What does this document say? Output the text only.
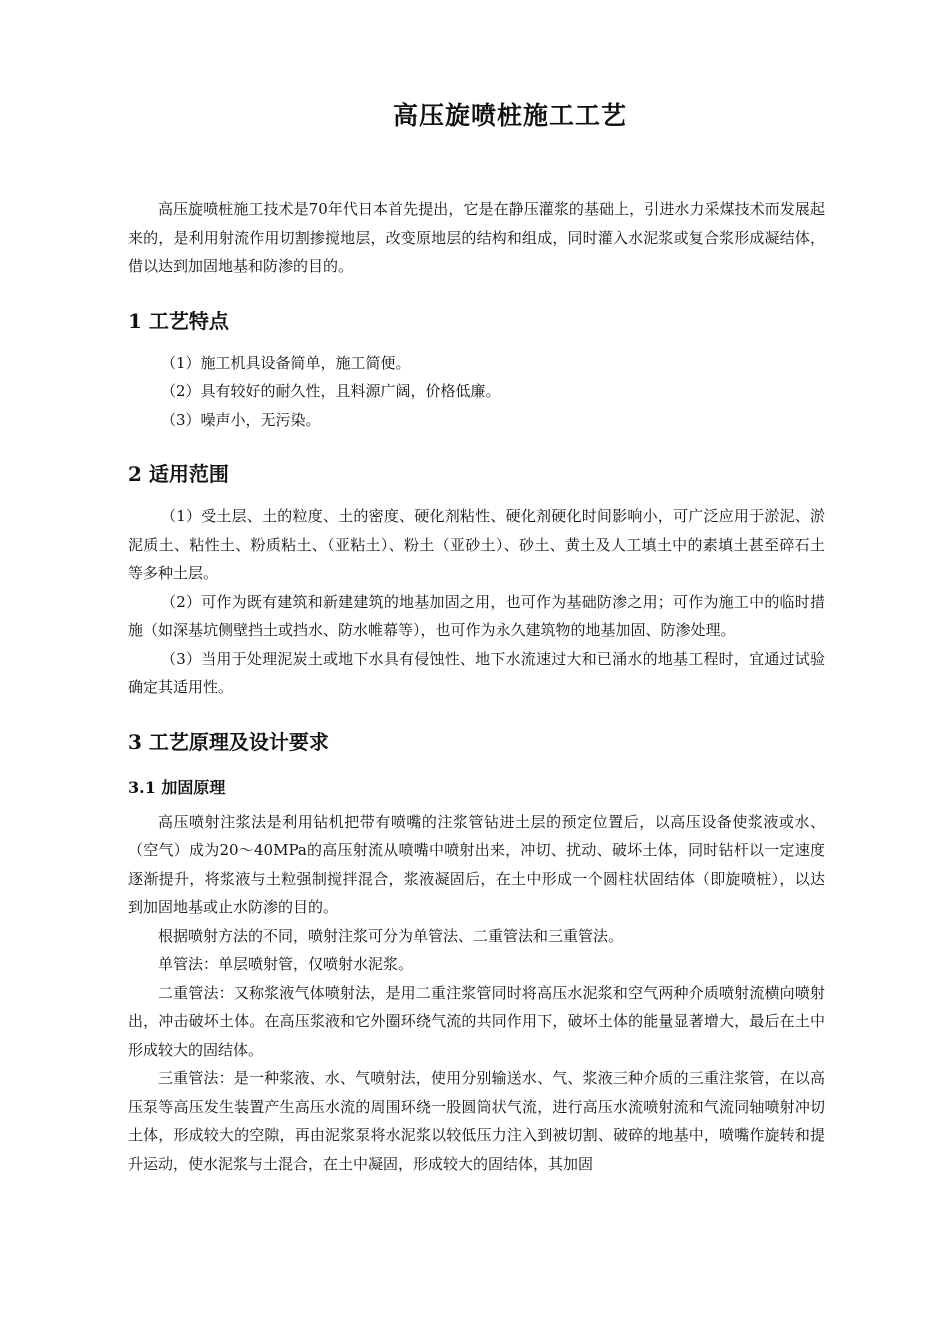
高压旋喷桩施工工艺

高压旋喷桩施工技术是70年代日本首先提出，它是在静压灌浆的基础上，引进水力采煤技术而发展起来的，是利用射流作用切割掺搅地层，改变原地层的结构和组成，同时灌入水泥浆或复合浆形成凝结体，借以达到加固地基和防渗的目的。

1 工艺特点

（1）施工机具设备简单，施工简便。

（2）具有较好的耐久性，且料源广阔，价格低廉。

（3）噪声小，无污染。

2 适用范围

（1）受土层、土的粒度、土的密度、硬化剂粘性、硬化剂硬化时间影响小，可广泛应用于淤泥、淤泥质土、粘性土、粉质粘土、（亚粘土）、粉土（亚砂土）、砂土、黄土及人工填土中的素填土甚至碎石土等多种土层。

（2）可作为既有建筑和新建建筑的地基加固之用，也可作为基础防渗之用；可作为施工中的临时措施（如深基坑侧壁挡土或挡水、防水帷幕等），也可作为永久建筑物的地基加固、防渗处理。

（3）当用于处理泥炭土或地下水具有侵蚀性、地下水流速过大和已涌水的地基工程时，宜通过试验确定其适用性。

3 工艺原理及设计要求
3.1 加固原理

高压喷射注浆法是利用钻机把带有喷嘴的注浆管钻进土层的预定位置后，以高压设备使浆液或水、（空气）成为20～40MPa的高压射流从喷嘴中喷射出来，冲切、扰动、破坏土体，同时钻杆以一定速度逐渐提升，将浆液与土粒强制搅拌混合，浆液凝固后，在土中形成一个圆柱状固结体（即旋喷桩），以达到加固地基或止水防渗的目的。

根据喷射方法的不同，喷射注浆可分为单管法、二重管法和三重管法。

单管法：单层喷射管，仅喷射水泥浆。

二重管法：又称浆液气体喷射法，是用二重注浆管同时将高压水泥浆和空气两种介质喷射流横向喷射出，冲击破坏土体。在高压浆液和它外圈环绕气流的共同作用下，破坏土体的能量显著增大，最后在土中形成较大的固结体。

三重管法：是一种浆液、水、气喷射法，使用分别输送水、气、浆液三种介质的三重注浆管，在以高压泵等高压发生装置产生高压水流的周围环绕一股圆筒状气流，进行高压水流喷射流和气流同轴喷射冲切土体，形成较大的空隙，再由泥浆泵将水泥浆以较低压力注入到被切割、破碎的地基中，喷嘴作旋转和提升运动，使水泥浆与土混合，在土中凝固，形成较大的固结体，其加固
